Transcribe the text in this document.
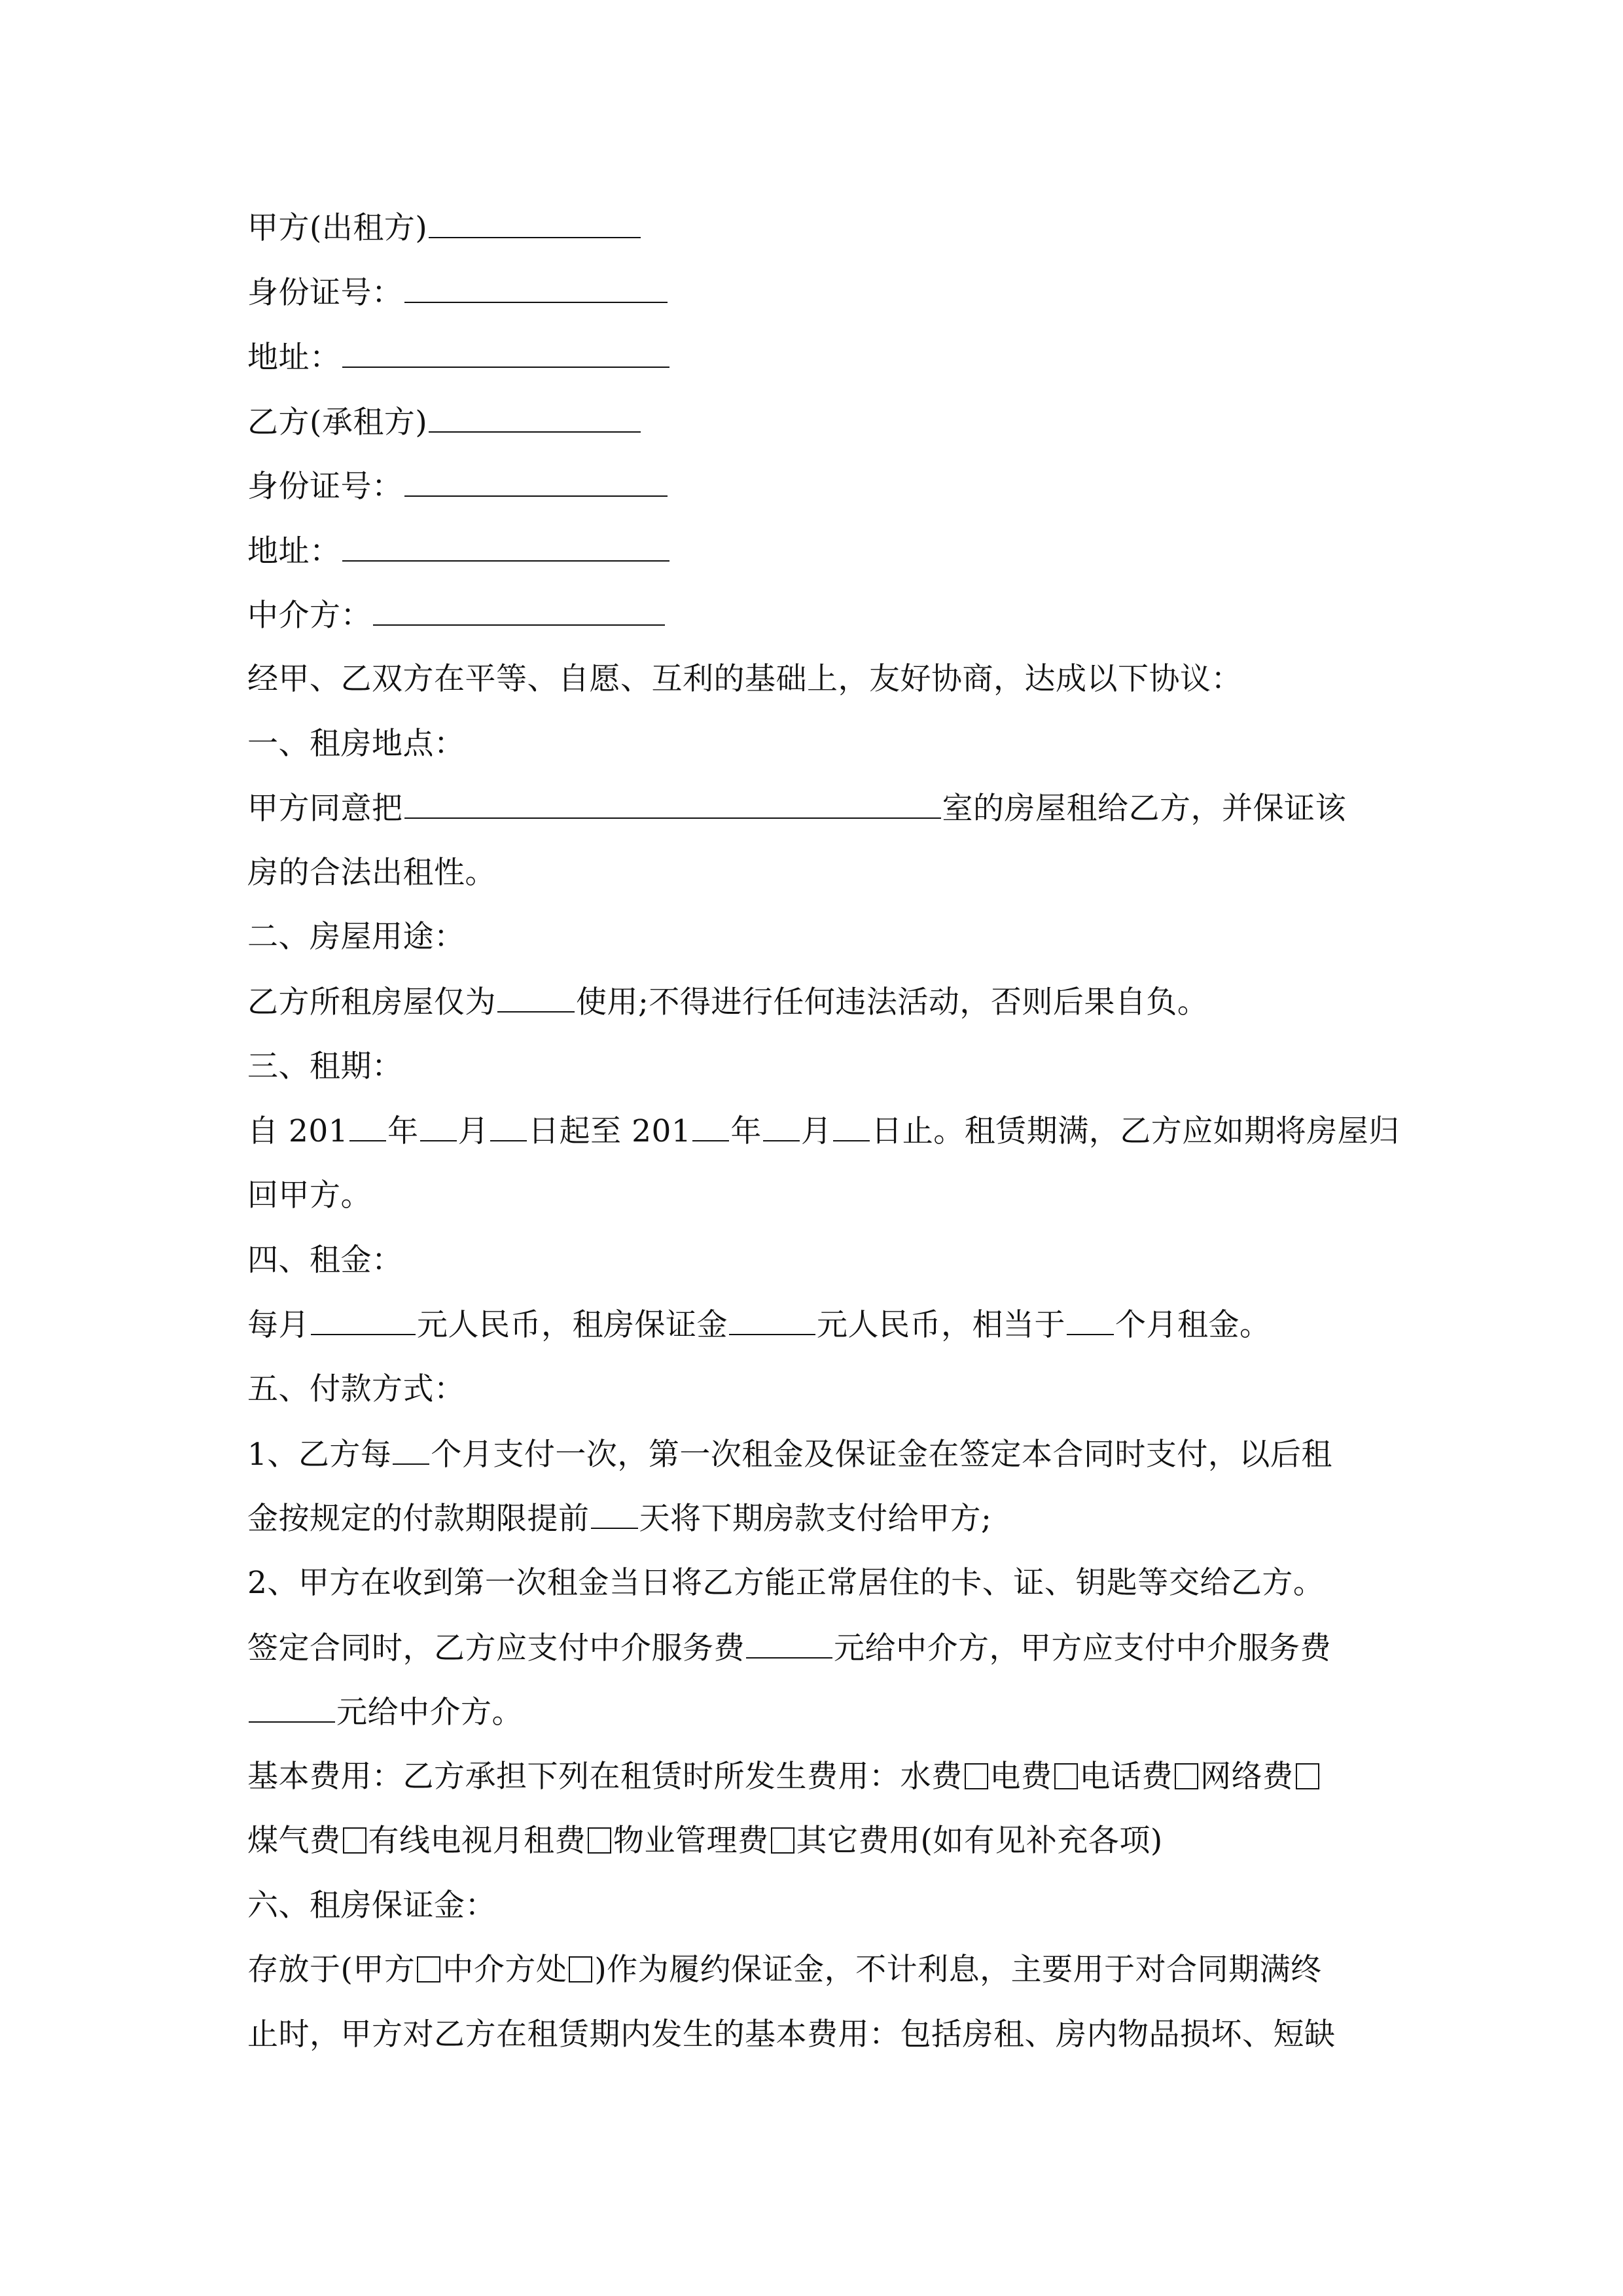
甲方(出租方)
身份证号：
地址：
乙方(承租方)
身份证号：
地址：
中介方：
经甲、乙双方在平等、自愿、互利的基础上，友好协商，达成以下协议：
一、租房地点：
甲方同意把	室的房屋租给乙方，并保证该
房的合法出租性。
二、房屋用途：
乙方所租房屋仅为	使用;不得进行任何违法活动，否则后果自负。
三、租期：
自 201 年 月 日起至 201 年 月 日止。租赁期满，乙方应如期将房屋归
回甲方。
四、租金：
每月	元人民币，租房保证金	元人民币，相当于 个月租金。
五、付款方式：
1、乙方每 个月支付一次，第一次租金及保证金在签定本合同时支付，以后租
金按规定的付款期限提前 天将下期房款支付给甲方;
2、甲方在收到第一次租金当日将乙方能正常居住的卡、证、钥匙等交给乙方。
签定合同时，乙方应支付中介服务费	元给中介方，甲方应支付中介服务费
元给中介方。
基本费用：乙方承担下列在租赁时所发生费用：水费 电费 电话费 网络费
煤气费 有线电视月租费 物业管理费 其它费用(如有见补充各项)
六、租房保证金：
存放于(甲方 中介方处 )作为履约保证金，不计利息，主要用于对合同期满终
止时，甲方对乙方在租赁期内发生的基本费用：包括房租、房内物品损坏、短缺
